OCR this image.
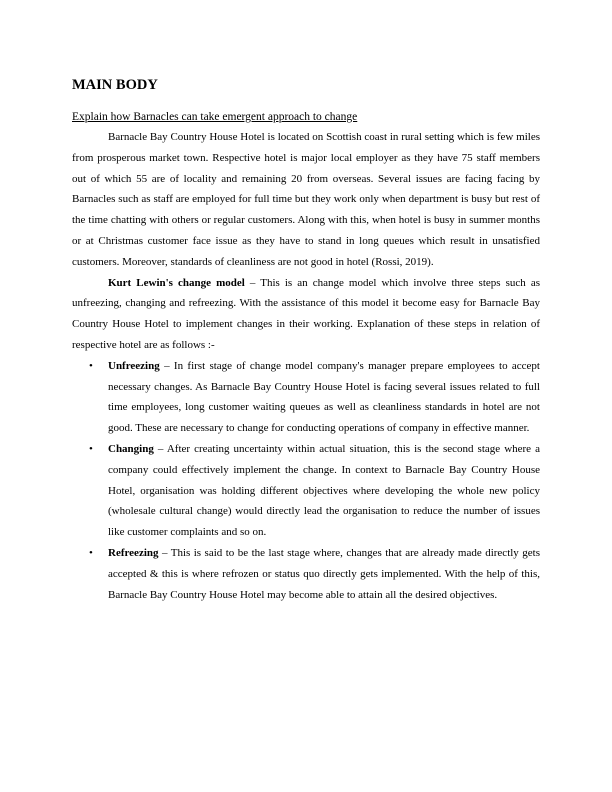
MAIN BODY
Explain how Barnacles can take emergent approach to change

Barnacle Bay Country House Hotel is located on Scottish coast in rural setting which is few miles from prosperous market town. Respective hotel is major local employer as they have 75 staff members out of which 55 are of locality and remaining 20 from overseas. Several issues are facing facing by Barnacles such as staff are employed for full time but they work only when department is busy but rest of the time chatting with others or regular customers. Along with this, when hotel is busy in summer months or at Christmas customer face issue as they have to stand in long queues which result in unsatisfied customers. Moreover, standards of cleanliness are not good in hotel (Rossi, 2019).

Kurt Lewin's change model – This is an change model which involve three steps such as unfreezing, changing and refreezing. With the assistance of this model it become easy for Barnacle Bay Country House Hotel to implement changes in their working. Explanation of these steps in relation of respective hotel are as follows :-

• Unfreezing – In first stage of change model company's manager prepare employees to accept necessary changes. As Barnacle Bay Country House Hotel is facing several issues related to full time employees, long customer waiting queues as well as cleanliness standards in hotel are not good. These are necessary to change for conducting operations of company in effective manner.
• Changing – After creating uncertainty within actual situation, this is the second stage where a company could effectively implement the change. In context to Barnacle Bay Country House Hotel, organisation was holding different objectives where developing the whole new policy (wholesale cultural change) would directly lead the organisation to reduce the number of issues like customer complaints and so on.
• Refreezing – This is said to be the last stage where, changes that are already made directly gets accepted & this is where refrozen or status quo directly gets implemented. With the help of this, Barnacle Bay Country House Hotel may become able to attain all the desired objectives.
